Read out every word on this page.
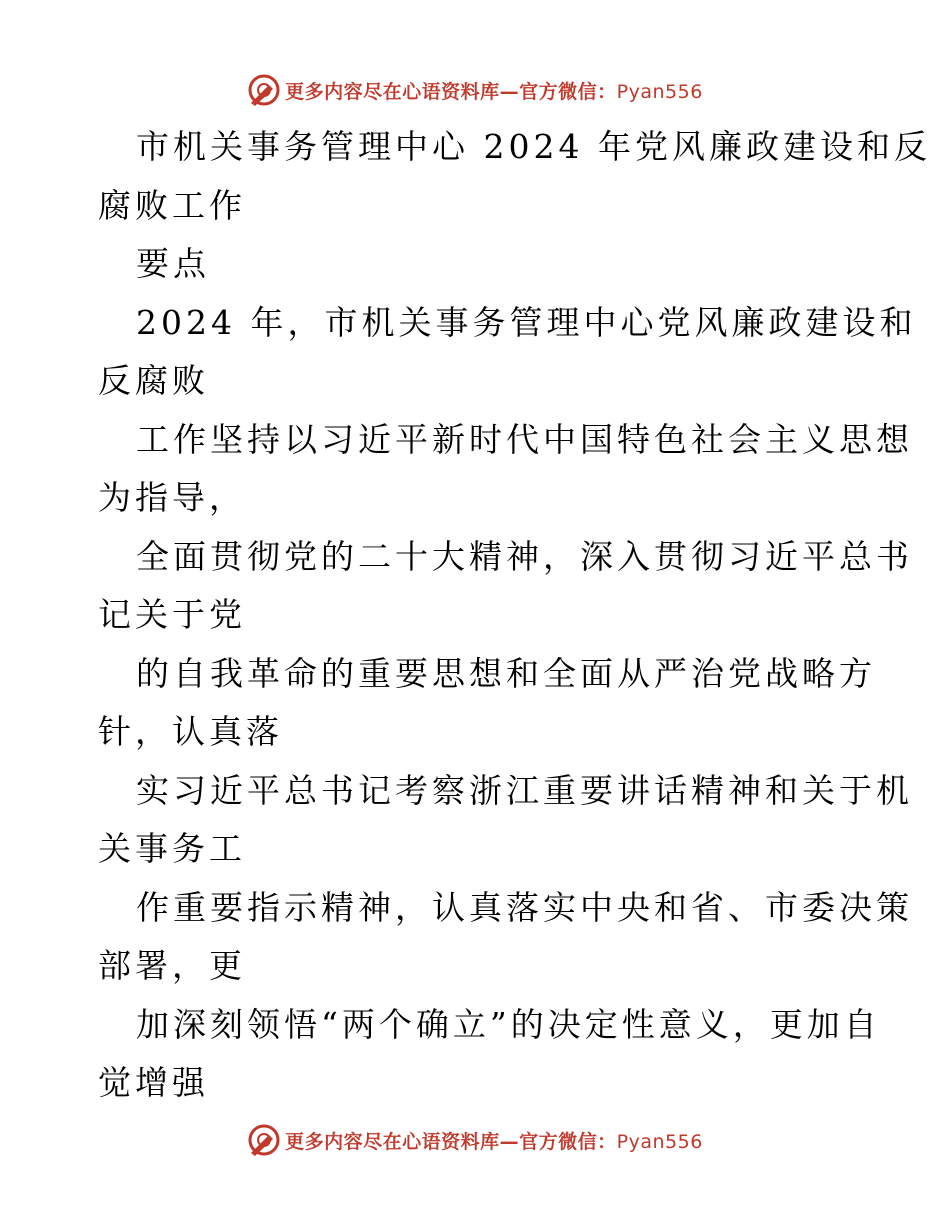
更多内容尽在心语资料库—官方微信：Pyan556
市机关事务管理中心 2024 年党风廉政建设和反
腐败工作
要点
2024 年，市机关事务管理中心党风廉政建设和
反腐败
工作坚持以习近平新时代中国特色社会主义思想
为指导，
全面贯彻党的二十大精神，深入贯彻习近平总书
记关于党
的自我革命的重要思想和全面从严治党战略方
针，认真落
实习近平总书记考察浙江重要讲话精神和关于机
关事务工
作重要指示精神，认真落实中央和省、市委决策
部署，更
加深刻领悟“两个确立”的决定性意义，更加自
觉增强
更多内容尽在心语资料库—官方微信：Pyan556
